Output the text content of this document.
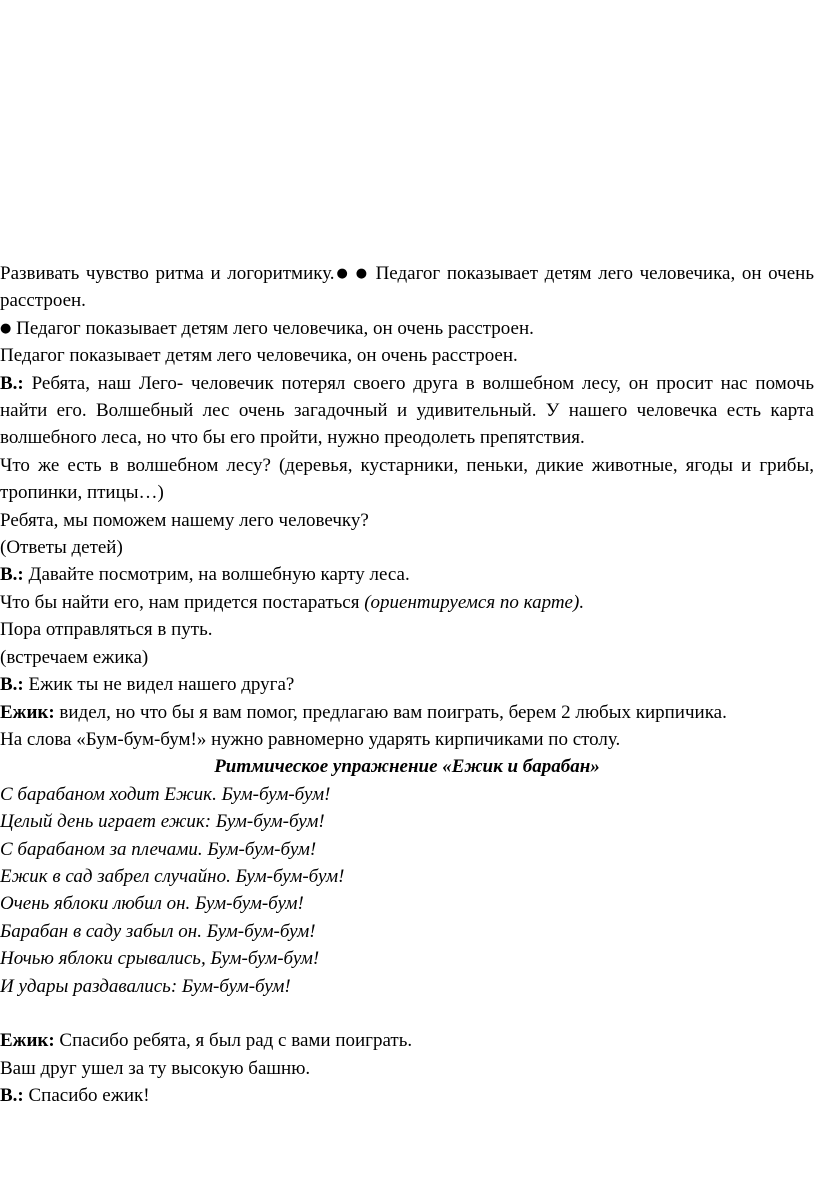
Развивать чувство ритма и логоритмику.● ● Педагог показывает детям лего человечика, он очень расстроен.

● Педагог показывает детям лего человечика, он очень расстроен.

Педагог показывает детям лего человечика, он очень расстроен.

В.: Ребята, наш Лего- человечик потерял своего друга в волшебном лесу, он просит нас помочь найти его. Волшебный лес очень загадочный и удивительный. У нашего человечка есть карта волшебного леса, но что бы его пройти, нужно преодолеть препятствия.

Что же есть в волшебном лесу? (деревья, кустарники, пеньки, дикие животные, ягоды и грибы, тропинки, птицы…)

Ребята, мы поможем нашему лего человечку?

(Ответы детей)

В.: Давайте посмотрим, на волшебную карту леса.

Что бы найти его, нам придется постараться (ориентируемся по карте).

Пора отправляться в путь.

(встречаем ежика)

В.: Ежик ты не видел нашего друга?

Ежик: видел, но что бы я вам помог, предлагаю вам поиграть, берем 2 любых кирпичика.

На слова «Бум-бум-бум!» нужно равномерно ударять кирпичиками по столу.

Ритмическое упражнение «Ежик и барабан»

С барабаном ходит Ежик. Бум-бум-бум!

Целый день играет ежик: Бум-бум-бум!

С барабаном за плечами. Бум-бум-бум!

Ежик в сад забрел случайно. Бум-бум-бум!

Очень яблоки любил он. Бум-бум-бум!

Барабан в саду забыл он. Бум-бум-бум!

Ночью яблоки срывались, Бум-бум-бум!

И удары раздавались: Бум-бум-бум!

Ежик: Спасибо ребята, я был рад с вами поиграть.

Ваш друг ушел за ту высокую башню.

В.: Спасибо ежик!
